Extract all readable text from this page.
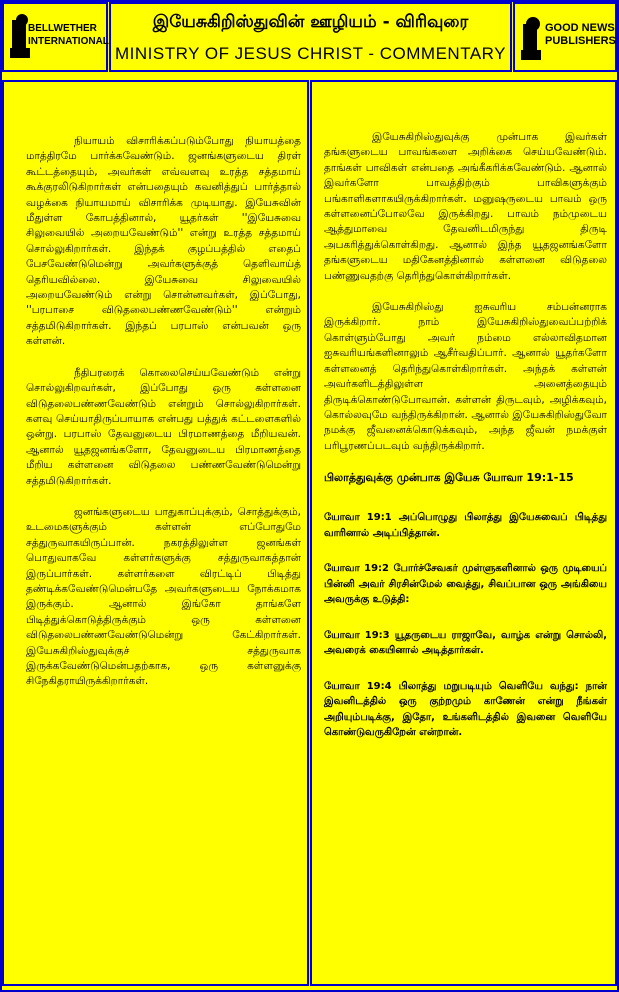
BELLWETHER
INTERNATIONAL
இயேசுகிறிஸ்துவின் ஊழியம் - விரிவுரை
MINISTRY OF JESUS CHRIST - COMMENTARY
GOOD NEWS
PUBLISHERS

நியாயம் விசாரிக்கப்படும்போது நியாயத்தை மாத்திரமே பார்க்கவேண்டும். ஜனங்களுடைய திரள் கூட்டத்தையும், அவர்கள் எவ்வளவு உரத்த சத்தமாய் கூக்குரலிடுகிறார்கள் என்பதையும் கவனித்துப் பார்த்தால் வழக்கை நியாயமாய் விசாரிக்க முடியாது. இயேசுவின் மீதுள்ள கோபத்தினால், யூதர்கள் ''இயேசுவை சிலுவையில் அறையவேண்டும்'' என்று உரத்த சத்தமாய் சொல்லுகிறார்கள். இந்தக் குழப்பத்தில் எதைப் பேசவேண்டுமென்று அவர்களுக்குத் தெளிவாய்த் தெரியவில்லை. இயேசுவை சிலுவையில் அறையவேண்டும் என்று சொன்னவர்கள், இப்போது, ''பரபாசை விடுதலைபண்ணவேண்டும்'' என்றும் சத்தமிடுகிறார்கள். இந்தப் பரபாஸ் என்பவன் ஒரு கள்ளன்.

நீதிபரரைக் கொலைசெய்யவேண்டும் என்று சொல்லுகிறவர்கள், இப்போது ஒரு கள்ளனை விடுதலைபண்ணவேண்டும் என்றும் சொல்லுகிறார்கள். களவு செய்யாதிருப்பாயாக என்பது பத்துக் கட்டளைகளில் ஒன்று. பரபாஸ் தேவனுடைய பிரமாணத்தை மீறியவன். ஆனால் யூதஜனங்களோ, தேவனுடைய பிரமாணத்தை மீறிய கள்ளனை விடுதலை பண்ணவேண்டுமென்று சத்தமிடுகிறார்கள்.

ஜனங்களுடைய பாதுகாப்புக்கும், சொத்துக்கும், உடமைகளுக்கும் கள்ளன் எப்போதுமே சத்துருவாகயிருப்பான். நகரத்திலுள்ள ஜனங்கள் பொதுவாகவே கள்ளர்களுக்கு சத்துருவாகத்தான் இருப்பார்கள். கள்ளர்களை விரட்டிப் பிடித்து தண்டிக்கவேண்டுமென்பதே அவர்களுடைய நோக்கமாக இருக்கும். ஆனால் இங்கோ தாங்களே பிடித்துக்கொடுத்திருக்கும் ஒரு கள்ளனை விடுதலைபண்ணவேண்டுமென்று கேட்கிறார்கள். இயேசுகிறிஸ்துவுக்குச் சத்துருவாக இருக்கவேண்டுமென்பதற்காக, ஒரு கள்ளனுக்கு சிநேகிதராயிருக்கிறார்கள்.

இயேசுகிறிஸ்துவுக்கு முன்பாக இவர்கள் தங்களுடைய பாவங்களை அறிக்கை செய்யவேண்டும். தாங்கள் பாவிகள் என்பதை அங்கீகரிக்கவேண்டும். ஆனால் இவர்களோ பாவத்திற்கும் பாவிகளுக்கும் பங்காளிகளாகயிருக்கிறார்கள். மனுஷருடைய பாவம் ஒரு கள்ளனைப்போலவே இருக்கிறது. பாவம் நம்முடைய ஆத்துமாவை தேவனிடமிருந்து திருடி அபகரித்துக்கொள்கிறது. ஆனால் இந்த யூதஜனங்களோ தங்களுடைய மதிகேனத்தினால் கள்ளனை விடுதலை பண்ணுவதற்கு தெரிந்துகொள்கிறார்கள்.

இயேசுகிறிஸ்து ஐசுவரிய சம்பன்னராக இருக்கிறார். நாம் இயேசுகிறிஸ்துவைப்பற்றிக் கொள்ளும்போது அவர் நம்மை எல்லாவிதமான ஐசுவரியங்களினாலும் ஆசீர்வதிப்பார். ஆனால் யூதர்களோ கள்ளனைத் தெரிந்துகொள்கிறார்கள். அந்தக் கள்ளன் அவர்களிடத்திலுள்ள அனைத்தையும் திருடிக்கொண்டுபோவான். கள்ளன் திருடவும், அழிக்கவும், கொல்லவுமே வந்திருக்கிறான். ஆனால் இயேசுகிறிஸ்துவோ நமக்கு ஜீவனைக்கொடுக்கவும், அந்த ஜீவன் நமக்குள் பரிபூரணப்படவும் வந்திருக்கிறார்.

பிலாத்துவுக்கு முன்பாக இயேசு யோவா 19:1-15
யோவா 19:1 அப்பொழுது பிலாத்து இயேசுவைப் பிடித்து வாரினால் அடிப்பித்தான்.
யோவா 19:2 போர்ச்சேவகர் முள்ளுகளினால் ஒரு முடியைப் பின்னி அவர் சிரசின்மேல் வைத்து, சிவப்பான ஒரு அங்கியை அவருக்கு உடுத்தி:
யோவா 19:3 யூதருடைய ராஜாவே, வாழ்க என்று சொல்லி, அவரைக் கையினால் அடித்தார்கள்.
யோவா 19:4 பிலாத்து மறுபடியும் வெளியே வந்து: நான் இவனிடத்தில் ஒரு குற்றமும் காணேன் என்று நீங்கள் அறியும்படிக்கு, இதோ, உங்களிடத்தில் இவனை வெளியே கொண்டுவருகிறேன் என்றான்.
